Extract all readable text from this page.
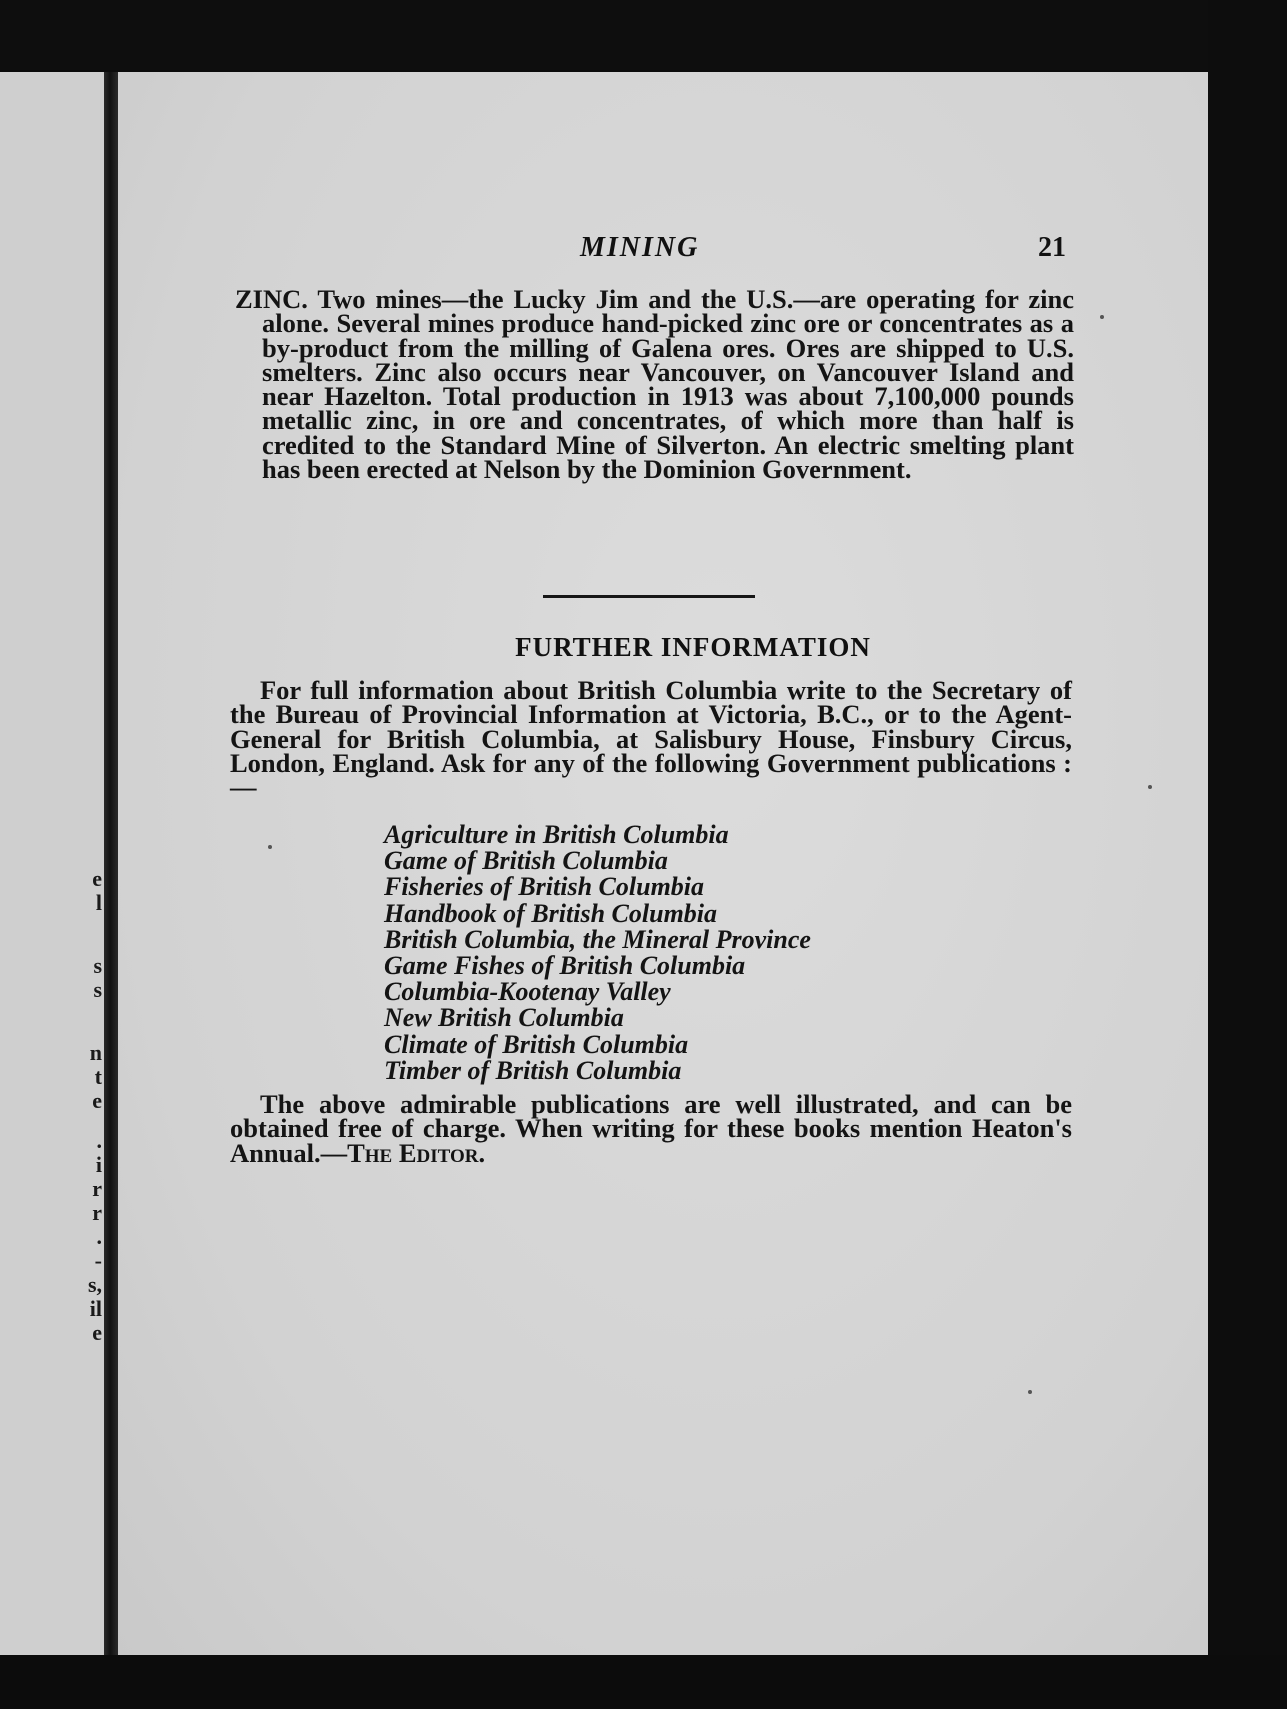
e
l
s
s
n
t
e
.
i
r
r
.
-
s,
il
e
MINING	21

ZINC. Two mines—the Lucky Jim and the U.S.—are operating for zinc alone. Several mines produce hand-picked zinc ore or concentrates as a by-product from the milling of Galena ores. Ores are shipped to U.S. smelters. Zinc also occurs near Vancouver, on Vancouver Island and near Hazelton. Total production in 1913 was about 7,100,000 pounds metallic zinc, in ore and concentrates, of which more than half is credited to the Standard Mine of Silverton. An electric smelting plant has been erected at Nelson by the Dominion Government.

FURTHER INFORMATION

For full information about British Columbia write to the Secretary of the Bureau of Provincial Information at Victoria, B.C., or to the Agent-General for British Columbia, at Salisbury House, Finsbury Circus, London, England. Ask for any of the following Government publications :—

Agriculture in British Columbia
Game of British Columbia
Fisheries of British Columbia
Handbook of British Columbia
British Columbia, the Mineral Province
Game Fishes of British Columbia
Columbia-Kootenay Valley
New British Columbia
Climate of British Columbia
Timber of British Columbia

The above admirable publications are well illustrated, and can be obtained free of charge. When writing for these books mention Heaton's Annual.—The Editor.
